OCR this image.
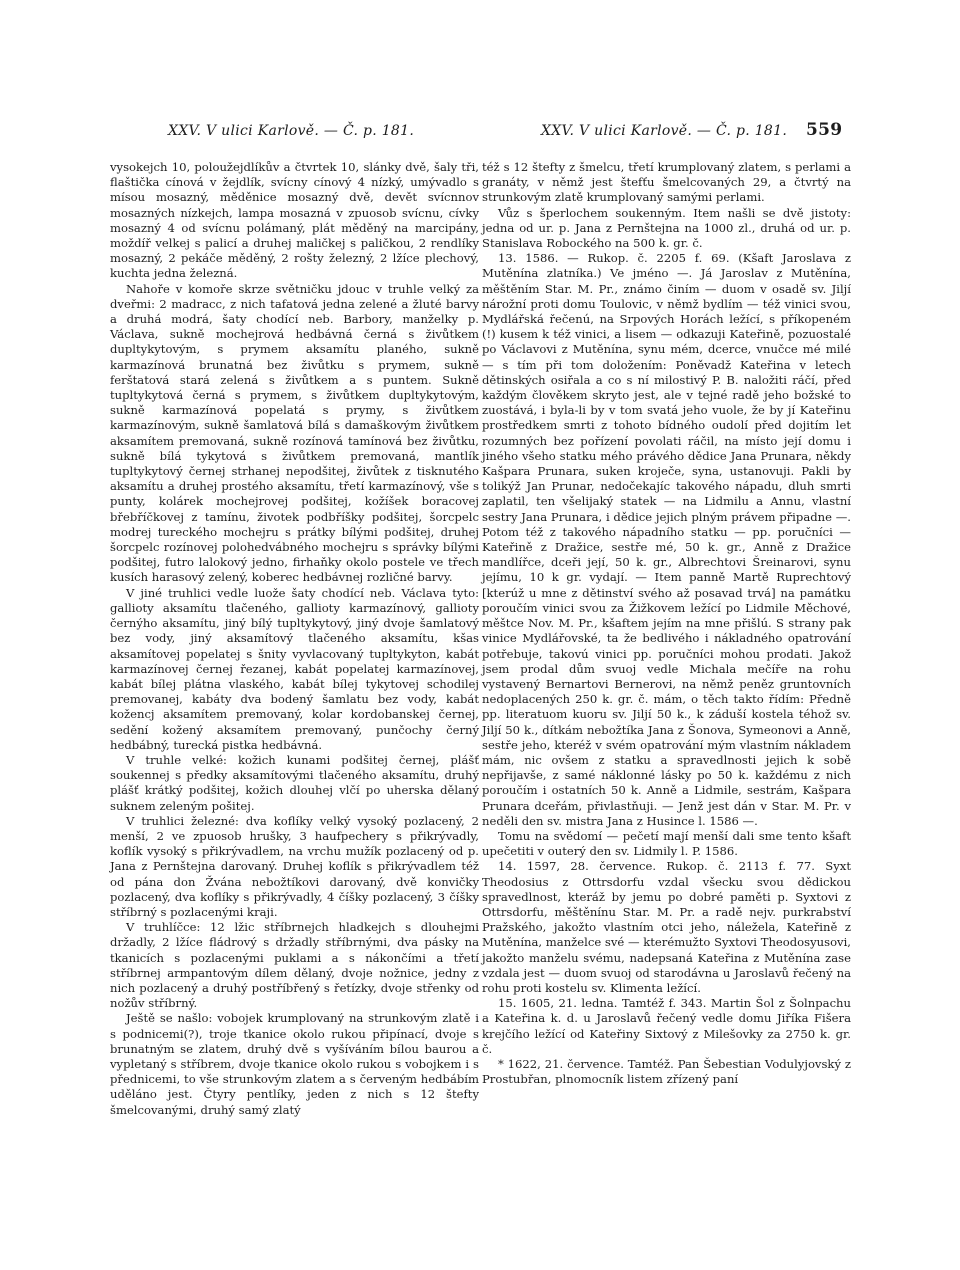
XXV. V ulici Karlově. — Č. p. 181.	XXV. V ulici Karlově. — Č. p. 181. 559

vysokejch 10, poloužejdlíkův a čtvrtek 10, slánky dvě, šaly tři, flaštička cínová v žejdlík, svícny cínový 4 nízký, umývadlo s mísou mosazný, měděnice mosazný dvě, devět svícnnov mosazných nízkejch, lampa mosazná v zpuosob svícnu, cívky mosazný 4 od svícnu polámaný, plát měděný na marcipány, moždíř velkej s palicí a druhej maličkej s paličkou, 2 rendlíky mosazný, 2 pekáče měděný, 2 rošty železný, 2 lžíce plechový, kuchta jedna železná.

Nahoře v komoře skrze světničku jdouc v truhle velký za dveřmi: 2 madracc, z nich tafatová jedna zelené a žluté barvy a druhá modrá, šaty chodící neb. Barbory, manželky p. Václava, sukně mochejrová hedbávná černá s živůtkem dupltykytovým, s prymem aksamítu planého, sukně karmazínová brunatná bez živůtku s prymem, sukně ferštatová stará zelená s živůtkem a s puntem. Sukně tupltykytová černá s prymem, s živůtkem dupltykytovým, sukně karmazínová popelatá s prymy, s živůtkem karmazínovým, sukně šamlatová bílá s damaškovým živůtkem aksamítem premovaná, sukně rozínová tamínová bez živůtku, sukně bílá tykytová s živůtkem premovaná, mantlík tupltykytový černej strhanej nepodšitej, živůtek z tisknutého aksamítu a druhej prostého aksamítu, třetí karmazínový, vše s punty, kolárek mochejrovej podšitej, kožíšek boracovej břebříčkovej z tamínu, životek podbříšky podšitej, šorcpelc modrej tureckého mochejru s prátky bílými podšitej, druhej šorcpelc rozínovej polohedvábného mochejru s správky bílými podšitej, futro lalokový jedno, firhaňky okolo postele ve třech kusích harasový zelený, koberec hedbávnej rozličné barvy.

V jiné truhlici vedle luože šaty chodící neb. Václava tyto: gallioty aksamítu tlačeného, gallioty karmazínový, gallioty černýho aksamítu, jiný bílý tupltykytový, jiný dvoje šamlatový bez vody, jiný aksamítový tlačeného aksamítu, kšas aksamítovej popelatej s šnity vyvlacovaný tupltykyton, kabát karmazínovej černej řezanej, kabát popelatej karmazínovej, kabát bílej plátna vlaského, kabát bílej tykytovej schodilej premovanej, kabáty dva bodený šamlatu bez vody, kabát kožencj aksamítem premovaný, kolar kordobanskej černej, sedění kožený aksamítem premovaný, punčochy černý hedbábný, turecká pistka hedbávná.

V truhle velké: kožich kunami podšitej černej, plášť soukennej s předky aksamítovými tlačeného aksamítu, druhý plášť krátký podšitej, kožich dlouhej vlčí po uherska dělaný suknem zeleným pošitej.

V truhlici železné: dva koflíky velký vysoký pozlacený, 2 menší, 2 ve zpuosob hrušky, 3 haufpechery s přikrývadly, koflík vysoký s přikrývadlem, na vrchu mužík pozlacený od p. Jana z Pernštejna darovaný. Druhej koflík s přikrývadlem též od pána don Žvána nebožtíkovi darovaný, dvě konvičky pozlacený, dva koflíky s přikrývadly, 4 číšky pozlacený, 3 číšky stříbrný s pozlacenými kraji.

V truhlíčce: 12 lžic stříbrnejch hladkejch s dlouhejmi držadly, 2 lžíce fládrový s držadly stříbrnými, dva pásky na tkanicích s pozlacenými puklami a s nákončími a třetí stříbrnej armpantovým dílem dělaný, dvoje nožnice, jedny z nich pozlacený a druhý postříbřený s řetízky, dvoje střenky od nožův stříbrný.

Ještě se našlo: vobojek krumplovaný na strunkovým zlatě i s podnicemi(?), troje tkanice okolo rukou připínací, dvoje s brunatným se zlatem, druhý dvě s vyšíváním bílou baurou a vypletaný s stříbrem, dvoje tkanice okolo rukou s vobojkem i s přednicemi, to vše strunkovým zlatem a s červeným hedbábím udělánо jest. Čtyry pentlíky, jeden z nich s 12 štefty šmelcovanými, druhý samý zlatý

též s 12 štefty z šmelcu, třetí krumplovaný zlatem, s perlami a granáty, v němž jest štefťu šmelcovaných 29, a čtvrtý na strunkovým zlatě krumplovaný samými perlami.

Vůz s šperlochem soukenným. Item našli se dvě jistoty: jedna od ur. p. Jana z Pernštejna na 1000 zl., druhá od ur. p. Stanislava Robockého na 500 k. gr. č.

13. 1586. — Rukop. č. 2205 f. 69. (Kšaft Jaroslava z Mutěnína zlatníka.) Ve jméno —. Já Jaroslav z Mutěnína, měštěním Star. M. Pr., známo činím — duom v osadě sv. Jiljí nárožní proti domu Toulovic, v němž bydlím — též vinici svou, Mydlářská řečenú, na Srpových Horách ležící, s příkopeném (!) kusem k též vinici, a lisem — odkazuji Kateřině, pozuostalé po Václavovi z Mutěnína, synu mém, dcerce, vnučce mé milé — s tím při tom doložením: Poněvadž Kateřina v letech dětinských osiřala a co s ní milostivý P. B. naložiti ráčí, před každým člověkem skryto jest, ale v tejné radě jeho božské to zuostává, i byla-li by v tom svatá jeho vuole, že by jí Kateřinu prostředkem smrti z tohoto bídného oudolí před dojitím let rozumných bez pořízení povolati ráčil, na místo její domu i jiného všeho statku mého právého dědice Jana Prunara, někdy Kašpara Prunara, suken kroječe, syna, ustanovuji. Pakli by tolikýž Jan Prunar, nedočekajíc takového nápadu, dluh smrti zaplatil, ten všelijaký statek — na Lidmilu a Annu, vlastní sestry Jana Prunara, i dědice jejich plným právem připadne —. Potom též z takového nápadního statku — pp. poručníci — Kateřině z Dražice, sestře mé, 50 k. gr., Anně z Dražice mandlířce, dceři její, 50 k. gr., Albrechtovi Šreinarovi, synu jejímu, 10 k gr. vydají. — Item panně Martě Ruprechtový [kterúž u mne z dětinství svého až posavad trvá] na památku poroučím vinici svou za Žižkovem ležící po Lidmile Měchové, měštce Nov. M. Pr., kšaftem jejím na mne přišlú. S strany pak vinice Mydlářovské, ta že bedlivého i nákladného opatrování potřebuje, takovú vinici pp. poručníci mohou prodati. Jakož jsem prodal dům svuoj vedle Michala mečíře na rohu vystavený Bernartovi Bernerovi, na němž peněz gruntovních nedoplacených 250 k. gr. č. mám, o těch takto řídím: Předně pp. literatuom kuoru sv. Jiljí 50 k., k záduší kostela téhož sv. Jiljí 50 k., dítkám nebožtíka Jana z Šonova, Symeonovi a Anně, sestře jeho, kteréž v svém opatrování mým vlastním nákladem mám, nic ovšem z statku a spravedlnosti jejich k sobě nepřijavše, z samé náklonné lásky po 50 k. každému z nich poroučím i ostatních 50 k. Anně a Lidmile, sestrám, Kašpara Prunara dceřám, přivlastňuji. — Jenž jest dán v Star. M. Pr. v neděli den sv. mistra Jana z Husince l. 1586 —.

Tomu na svědomí — pečetí mají menší dali sme tento kšaft upečetiti v outerý den sv. Lidmily l. P. 1586.

14. 1597, 28. července. Rukop. č. 2113 f. 77. Syxt Theodosius z Ottrsdorfu vzdal všecku svou dědickou spravedlnost, kteráž by jemu po dobré paměti p. Syxtovi z Ottrsdorfu, měštěnínu Star. M. Pr. a radě nejv. purkrabství Pražského, jakožto vlastním otci jeho, náležela, Kateřině z Mutěnína, manželce své — kterémužto Syxtovi Theodosyusovi, jakožto manželu svému, nadepsaná Kateřina z Mutěnína zase vzdala jest — duom svuoj od starodávna u Jaroslavů řečený na rohu proti kostelu sv. Klimenta ležící.

15. 1605, 21. ledna. Tamtéž f. 343. Martin Šol z Šolnpachu a Kateřina k. d. u Jaroslavů řečený vedle domu Jiříka Fišera krejčího ležící od Kateřiny Sixtový z Milešovky za 2750 k. gr. č.

* 1622, 21. července. Tamtéž. Pan Šebestian Vodulyjovský z Prostubřan, plnomocník listem zřízený paní
